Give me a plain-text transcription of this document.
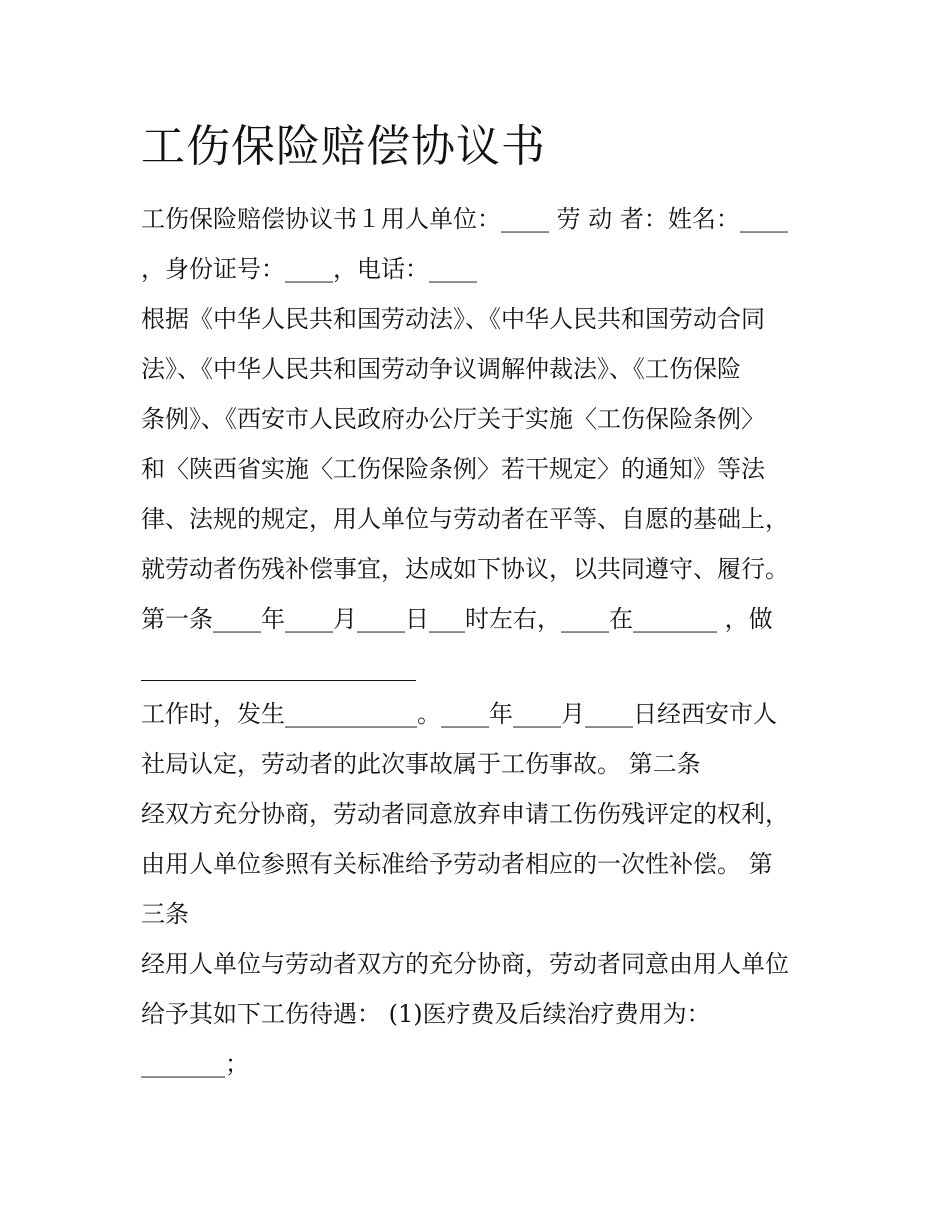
工伤保险赔偿协议书
工伤保险赔偿协议书１用人单位：____ 劳 动 者：姓名：____
，身份证号：____，电话：____
根据《中华人民共和国劳动法》、《中华人民共和国劳动合同
法》、《中华人民共和国劳动争议调解仲裁法》、《工伤保险
条例》、《西安市人民政府办公厅关于实施〈工伤保险条例〉
和〈陕西省实施〈工伤保险条例〉若干规定〉的通知》等法
律、法规的规定，用人单位与劳动者在平等、自愿的基础上，
就劳动者伤残补偿事宜，达成如下协议，以共同遵守、履行。
第一条____年____月____日___时左右，____在_______ ，做
工作时，发生___________。____年____月____日经西安市人
社局认定，劳动者的此次事故属于工伤事故。 第二条
经双方充分协商，劳动者同意放弃申请工伤伤残评定的权利，
由用人单位参照有关标准给予劳动者相应的一次性补偿。 第
三条
经用人单位与劳动者双方的充分协商，劳动者同意由用人单位
给予其如下工伤待遇： (1)医疗费及后续治疗费用为：
_______；
